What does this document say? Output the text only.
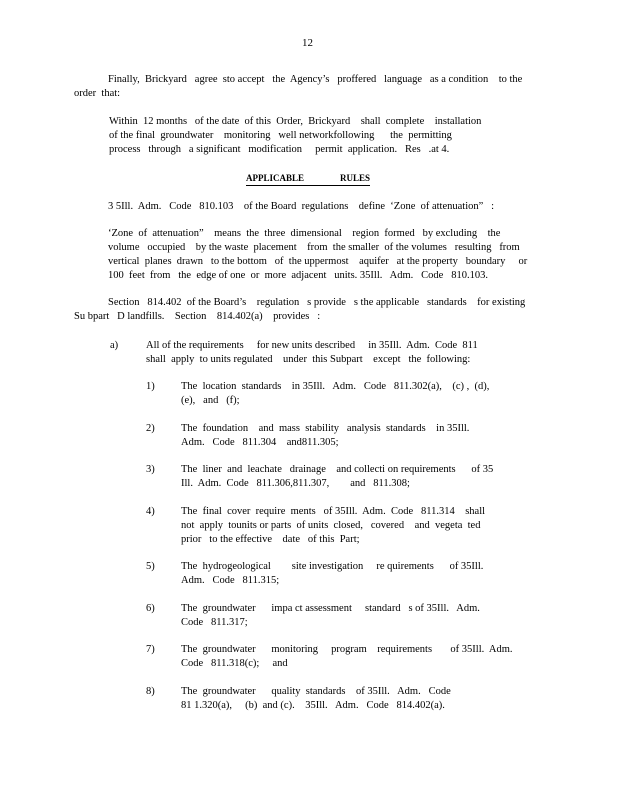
12
Finally,  Brickyard   agree  sto accept   the  Agency’s   proffered   language   as a condition    to the
order  that:
Within  12 months   of the date  of this  Order,  Brickyard    shall  complete    installation
of the final  groundwater    monitoring   well networkfollowing      the  permitting
process   through   a significant   modification     permit  application.   Res   .at 4.
APPLICABLE                RULES
3 5Ill.  Adm.   Code   810.103    of the Board  regulations    define  ‘Zone  of attenuation”   :
‘Zone  of  attenuation”    means  the  three  dimensional    region  formed   by excluding    the
volume   occupied    by the waste  placement    from  the smaller  of the volumes   resulting   from
vertical  planes  drawn   to the bottom   of  the uppermost    aquifer   at the property   boundary     or
100  feet  from   the  edge of one  or  more  adjacent   units. 35Ill.   Adm.   Code   810.103.
Section   814.402  of the Board’s    regulation   s provide   s the applicable   standards    for existing
Su bpart   D landfills.    Section    814.402(a)    provides   :
a)	All of the requirements     for new units described     in 35Ill.  Adm.  Code  811
shall  apply  to units regulated    under  this Subpart    except   the  following:
1)	The  location  standards    in 35Ill.   Adm.   Code   811.302(a),    (c) ,  (d),
(e),   and   (f);
2)	The  foundation    and  mass  stability   analysis  standards    in 35Ill.
Adm.   Code   811.304    and811.305;
3)	The  liner  and  leachate   drainage    and collecti on requirements      of 35
Ill.  Adm.  Code   811.306,811.307,        and   811.308;
4)	The  final  cover  require  ments   of 35Ill.  Adm.  Code   811.314    shall
not  apply  tounits or parts  of units  closed,   covered    and  vegeta  ted
prior   to the effective    date   of this  Part;
5)	The  hydrogeological        site investigation     re quirements      of 35Ill.
Adm.   Code   811.315;
6)	The  groundwater      impa ct assessment     standard   s of 35Ill.   Adm.
Code   811.317;
7)	The  groundwater      monitoring     program    requirements       of 35Ill.  Adm.
Code   811.318(c);     and
8)	The  groundwater      quality  standards    of 35Ill.   Adm.   Code
81 1.320(a),     (b)  and (c).    35Ill.   Adm.   Code   814.402(a).
